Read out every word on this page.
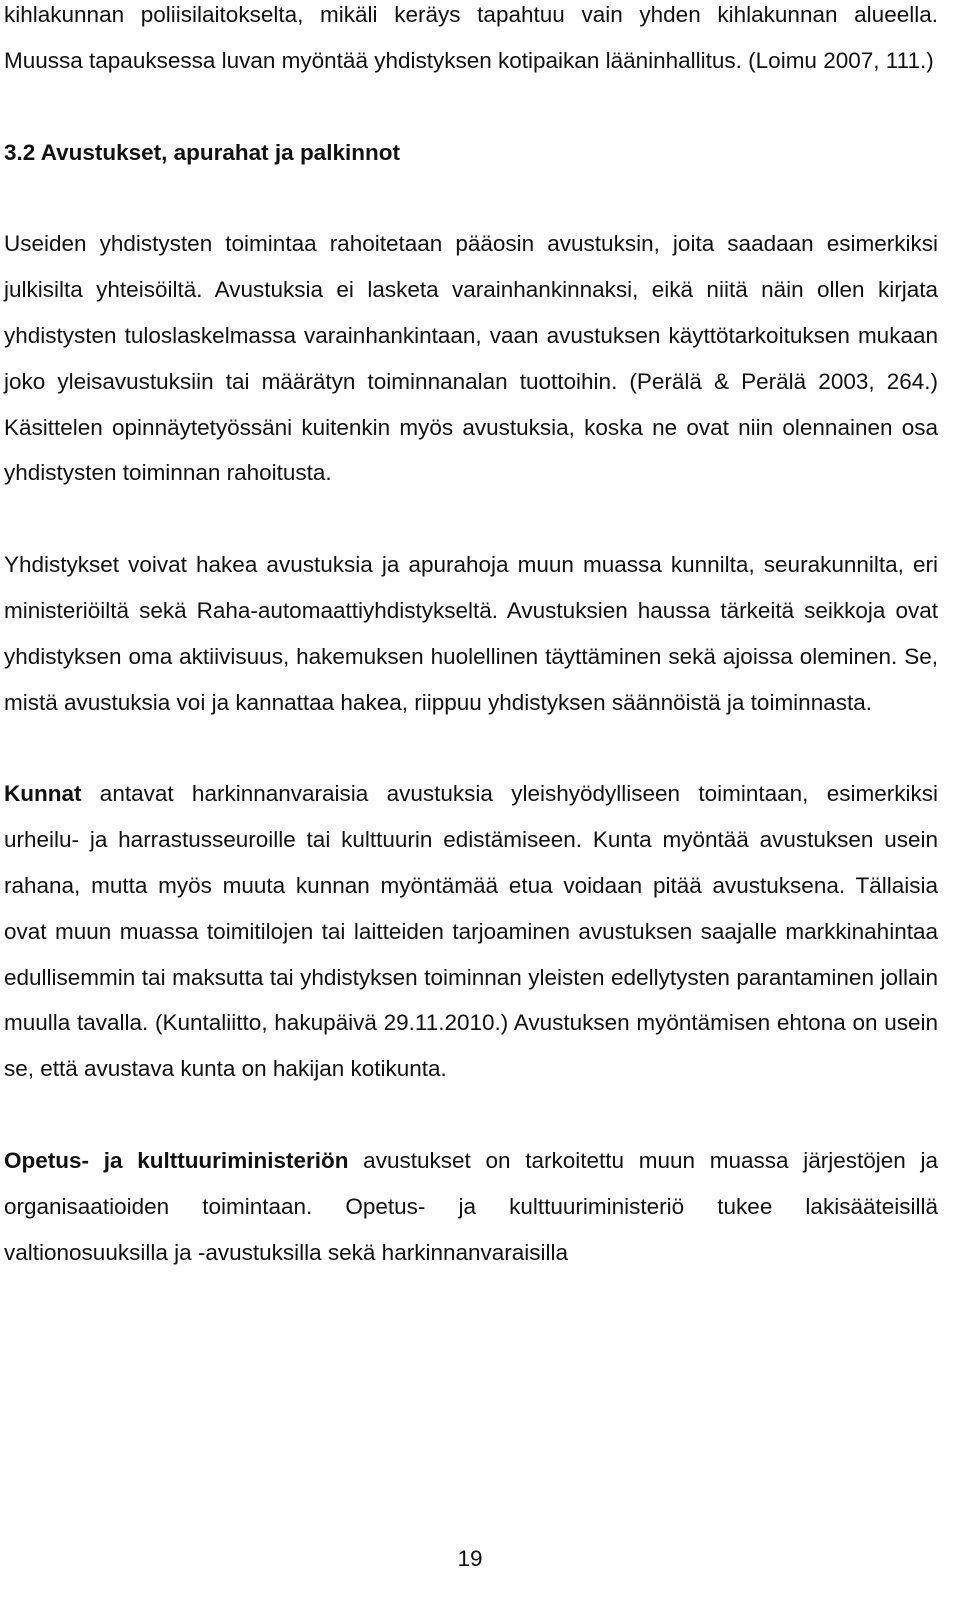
kihlakunnan poliisilaitokselta, mikäli keräys tapahtuu vain yhden kihlakunnan alueella. Muussa tapauksessa luvan myöntää yhdistyksen kotipaikan lääninhallitus. (Loimu 2007, 111.)

3.2 Avustukset, apurahat ja palkinnot

Useiden yhdistysten toimintaa rahoitetaan pääosin avustuksin, joita saadaan esimerkiksi julkisilta yhteisöiltä. Avustuksia ei lasketa varainhankinnaksi, eikä niitä näin ollen kirjata yhdistysten tuloslaskelmassa varainhankintaan, vaan avustuksen käyttötarkoituksen mukaan joko yleisavustuksiin tai määrätyn toiminnanalan tuottoihin. (Perälä & Perälä 2003, 264.) Käsittelen opinnäytetyössäni kuitenkin myös avustuksia, koska ne ovat niin olennainen osa yhdistysten toiminnan rahoitusta.

Yhdistykset voivat hakea avustuksia ja apurahoja muun muassa kunnilta, seurakunnilta, eri ministeriöiltä sekä Raha-automaattiyhdistykseltä. Avustuksien haussa tärkeitä seikkoja ovat yhdistyksen oma aktiivisuus, hakemuksen huolellinen täyttäminen sekä ajoissa oleminen. Se, mistä avustuksia voi ja kannattaa hakea, riippuu yhdistyksen säännöistä ja toiminnasta.

Kunnat antavat harkinnanvaraisia avustuksia yleishyödylliseen toimintaan, esimerkiksi urheilu- ja harrastusseuroille tai kulttuurin edistämiseen. Kunta myöntää avustuksen usein rahana, mutta myös muuta kunnan myöntämää etua voidaan pitää avustuksena. Tällaisia ovat muun muassa toimitilojen tai laitteiden tarjoaminen avustuksen saajalle markkinahintaa edullisemmin tai maksutta tai yhdistyksen toiminnan yleisten edellytysten parantaminen jollain muulla tavalla. (Kuntaliitto, hakupäivä 29.11.2010.) Avustuksen myöntämisen ehtona on usein se, että avustava kunta on hakijan kotikunta.

Opetus- ja kulttuuriministeriön avustukset on tarkoitettu muun muassa järjestöjen ja organisaatioiden toimintaan. Opetus- ja kulttuuriministeriö tukee lakisääteisillä valtionosuuksilla ja -avustuksilla sekä harkinnanvaraisilla

19
